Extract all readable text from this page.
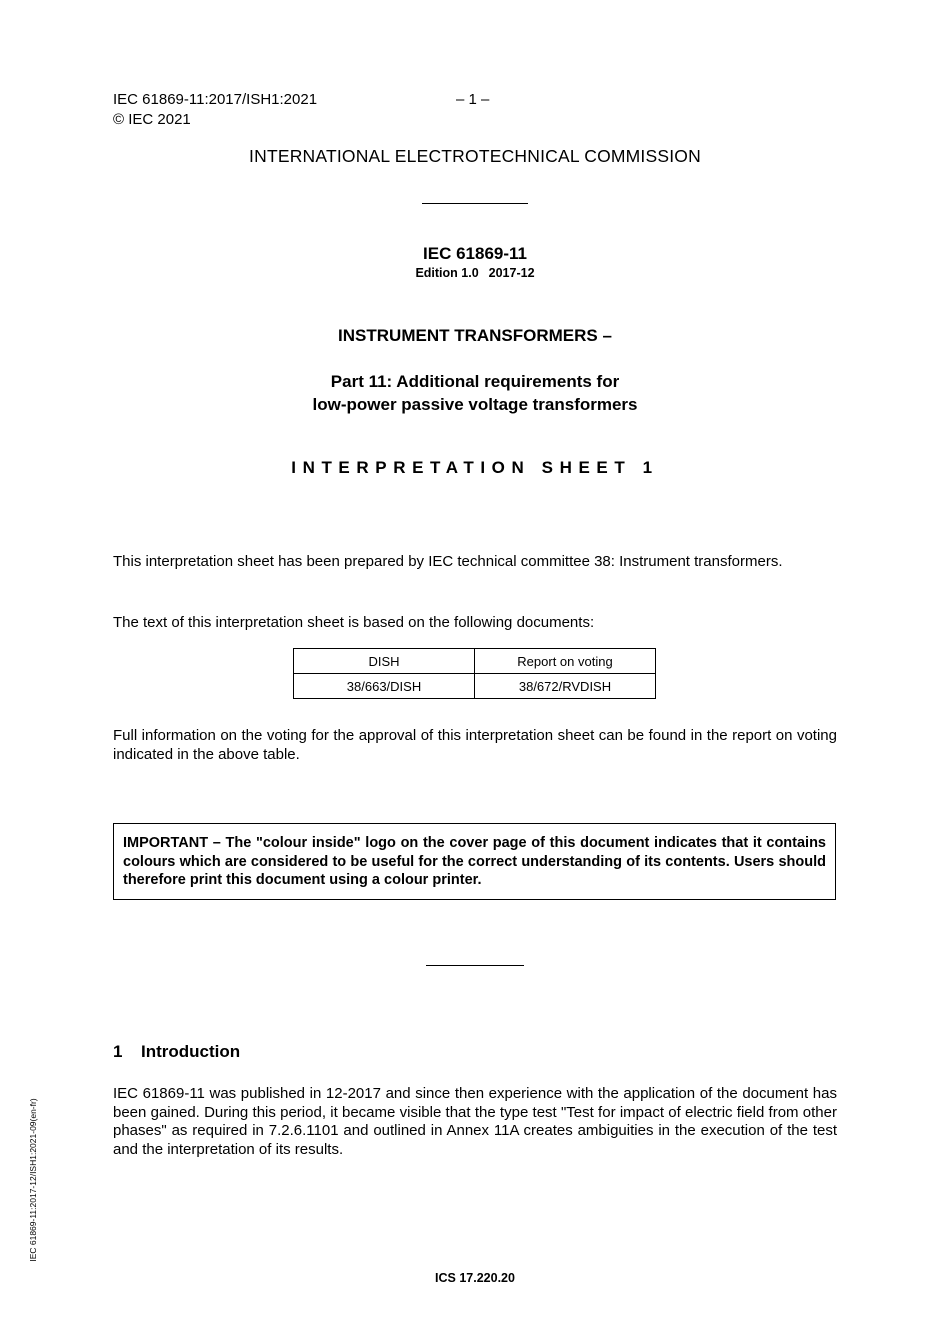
IEC 61869-11:2017/ISH1:2021
© IEC 2021
– 1 –
INTERNATIONAL ELECTROTECHNICAL COMMISSION
IEC 61869-11
Edition 1.0 2017-12
INSTRUMENT TRANSFORMERS –
Part 11: Additional requirements for
low-power passive voltage transformers
INTERPRETATION SHEET 1
This interpretation sheet has been prepared by IEC technical committee 38: Instrument transformers.
The text of this interpretation sheet is based on the following documents:
DISH	Report on voting
38/663/DISH	38/672/RVDISH
Full information on the voting for the approval of this interpretation sheet can be found in the report on voting indicated in the above table.
IMPORTANT – The "colour inside" logo on the cover page of this document indicates that it contains colours which are considered to be useful for the correct understanding of its contents. Users should therefore print this document using a colour printer.
1 Introduction
IEC 61869-11 was published in 12-2017 and since then experience with the application of the document has been gained. During this period, it became visible that the type test "Test for impact of electric field from other phases" as required in 7.2.6.1101 and outlined in Annex 11A creates ambiguities in the execution of the test and the interpretation of its results.
IEC 61869-11:2017-12/ISH1:2021-09(en-fr)
ICS 17.220.20
